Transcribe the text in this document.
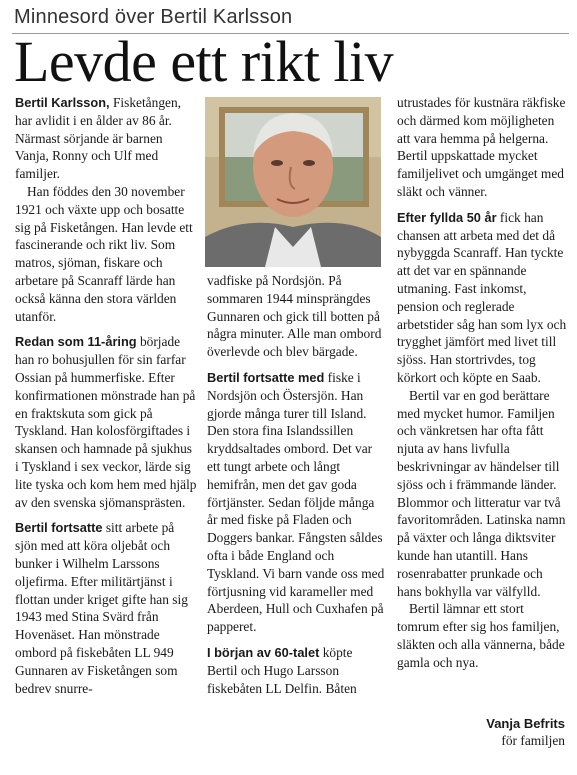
Minnesord över Bertil Karlsson
Levde ett rikt liv

Bertil Karlsson, Fisketången, har avlidit i en ålder av 86 år. Närmast sörjande är barnen Vanja, Ronny och Ulf med familjer.

Han föddes den 30 november 1921 och växte upp och bosatte sig på Fisketången. Han levde ett fascinerande och rikt liv. Som matros, sjöman, fiskare och arbetare på Scanraff lärde han också känna den stora världen utanför.

Redan som 11-åring började han ro bohusjullen för sin farfar Ossian på hummerfiske. Efter konfirmationen mönstrade han på en fraktskuta som gick på Tyskland. Han kolosförgiftades i skansen och hamnade på sjukhus i Tyskland i sex veckor, lärde sig lite tyska och kom hem med hjälp av den svenska sjömansprästen.

Bertil fortsatte sitt arbete på sjön med att köra oljebåt och bunker i Wilhelm Larssons oljefirma. Efter militärtjänst i flottan under kriget gifte han sig 1943 med Stina Svärd från Hovenäset. Han mönstrade ombord på fiskebåten LL 949 Gunnaren av Fisketången som bedrev snurre-

vadfiske på Nordsjön. På sommaren 1944 minsprängdes Gunnaren och gick till botten på några minuter. Alle man ombord överlevde och blev bärgade.

Bertil fortsatte med fiske i Nordsjön och Östersjön. Han gjorde många turer till Island. Den stora fina Islandssillen kryddsaltades ombord. Det var ett tungt arbete och långt hemifrån, men det gav goda förtjänster. Sedan följde många år med fiske på Fladen och Doggers bankar. Fångsten såldes ofta i både England och Tyskland. Vi barn vande oss med förtjusning vid karameller med Aberdeen, Hull och Cuxhafen på papperet.

I början av 60-talet köpte Bertil och Hugo Larsson fiskebåten LL Delfin. Båten

utrustades för kustnära räkfiske och därmed kom möjligheten att vara hemma på helgerna. Bertil uppskattade mycket familjelivet och umgänget med släkt och vänner.

Efter fyllda 50 år fick han chansen att arbeta med det då nybyggda Scanraff. Han tyckte att det var en spännande utmaning. Fast inkomst, pension och reglerade arbetstider såg han som lyx och trygghet jämfört med livet till sjöss. Han stortrivdes, tog körkort och köpte en Saab.

Bertil var en god berättare med mycket humor. Familjen och vänkretsen har ofta fått njuta av hans livfulla beskrivningar av händelser till sjöss och i främmande länder. Blommor och litteratur var två favoritområden. Latinska namn på växter och långa diktsviter kunde han utantill. Hans rosenrabatter prunkade och hans bokhylla var välfylld.

Bertil lämnar ett stort tomrum efter sig hos familjen, släkten och alla vännerna, både gamla och nya.

Vanja Befrits
för familjen
